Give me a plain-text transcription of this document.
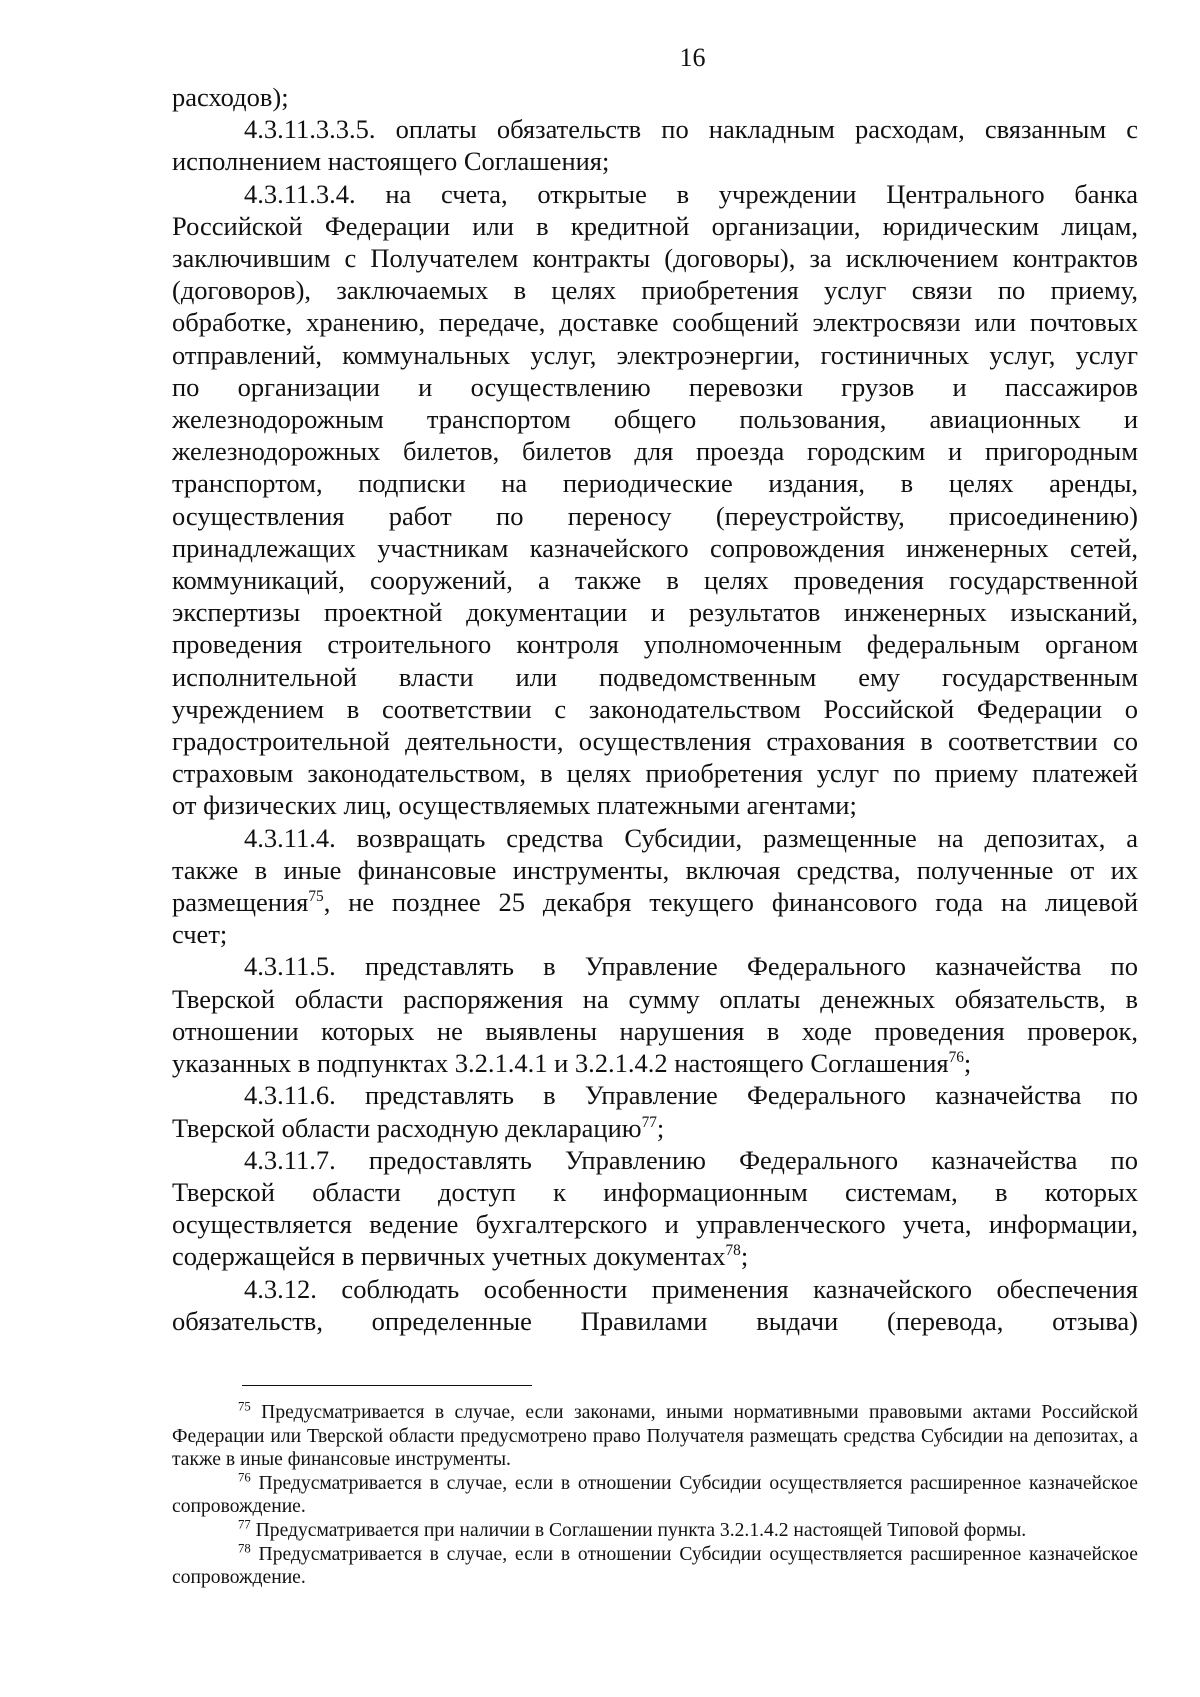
16

расходов);

4.3.11.3.3.5. оплаты обязательств по накладным расходам, связанным с

исполнением настоящего Соглашения;

4.3.11.3.4. на счета, открытые в учреждении Центрального банка

Российской Федерации или в кредитной организации, юридическим лицам,

заключившим с Получателем контракты (договоры), за исключением контрактов

(договоров), заключаемых в целях приобретения услуг связи по приему,

обработке, хранению, передаче, доставке сообщений электросвязи или почтовых

отправлений, коммунальных услуг, электроэнергии, гостиничных услуг, услуг

по организации и осуществлению перевозки грузов и пассажиров

железнодорожным транспортом общего пользования, авиационных и

железнодорожных билетов, билетов для проезда городским и пригородным

транспортом, подписки на периодические издания, в целях аренды,

осуществления работ по переносу (переустройству, присоединению)

принадлежащих участникам казначейского сопровождения инженерных сетей,

коммуникаций, сооружений, а также в целях проведения государственной

экспертизы проектной документации и результатов инженерных изысканий,

проведения строительного контроля уполномоченным федеральным органом

исполнительной власти или подведомственным ему государственным

учреждением в соответствии с законодательством Российской Федерации о

градостроительной деятельности, осуществления страхования в соответствии со

страховым законодательством, в целях приобретения услуг по приему платежей

от физических лиц, осуществляемых платежными агентами;

4.3.11.4. возвращать средства Субсидии, размещенные на депозитах, а

также в иные финансовые инструменты, включая средства, полученные от их

размещения$^{75}$, не позднее 25 декабря текущего финансового года на лицевой

счет;

4.3.11.5. представлять в Управление Федерального казначейства по

Тверской области распоряжения на сумму оплаты денежных обязательств, в

отношении которых не выявлены нарушения в ходе проведения проверок,

указанных в подпунктах 3.2.1.4.1 и 3.2.1.4.2 настоящего Соглашения$^{76}$;

4.3.11.6. представлять в Управление Федерального казначейства по

Тверской области расходную декларацию$^{77}$;

4.3.11.7. предоставлять Управлению Федерального казначейства по

Тверской области доступ к информационным системам, в которых

осуществляется ведение бухгалтерского и управленческого учета, информации,

содержащейся в первичных учетных документах$^{78}$;

4.3.12. соблюдать особенности применения казначейского обеспечения

обязательств, определенные Правилами выдачи (перевода, отзыва)

$^{75}$ Предусматривается в случае, если законами, иными нормативными правовыми актами Российской Федерации или Тверской области предусмотрено право Получателя размещать средства Субсидии на депозитах, а также в иные финансовые инструменты.

$^{76}$ Предусматривается в случае, если в отношении Субсидии осуществляется расширенное казначейское сопровождение.

$^{77}$ Предусматривается при наличии в Соглашении пункта 3.2.1.4.2 настоящей Типовой формы.

$^{78}$ Предусматривается в случае, если в отношении Субсидии осуществляется расширенное казначейское сопровождение.
